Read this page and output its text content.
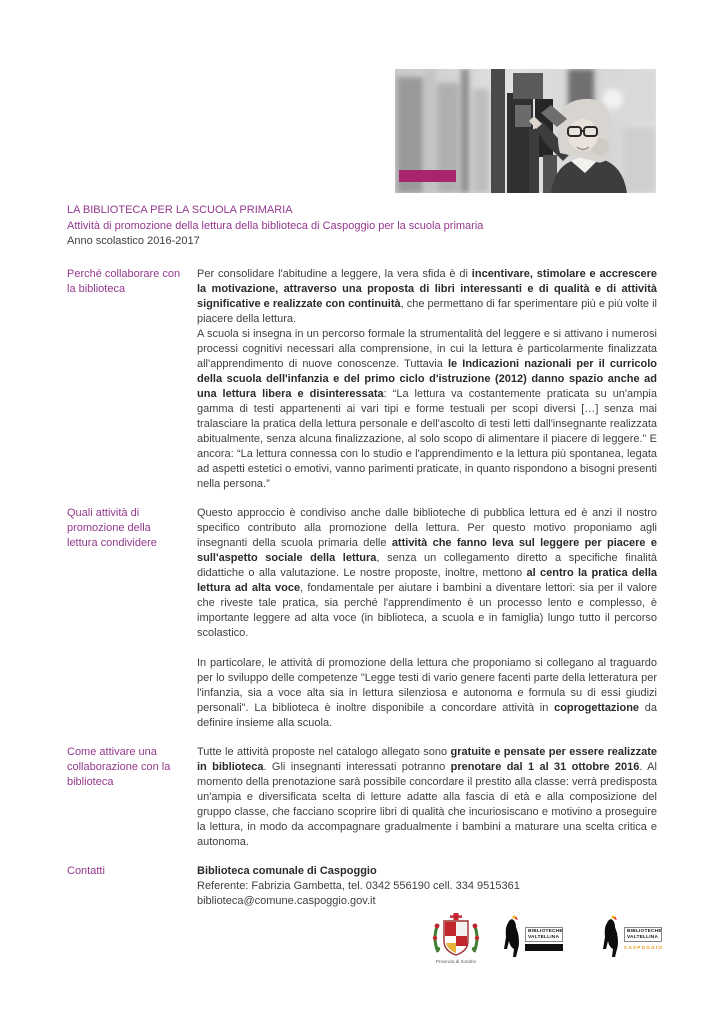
LA BIBLIOTECA PER LA SCUOLA PRIMARIA
Attività di promozione della lettura della biblioteca di Caspoggio per la scuola primaria
Anno scolastico 2016-2017
Perché collaborare con la biblioteca

Per consolidare l'abitudine a leggere, la vera sfida è di incentivare, stimolare e accrescere la motivazione, attraverso una proposta di libri interessanti e di qualità e di attività significative e realizzate con continuità, che permettano di far sperimentare più e più volte il piacere della lettura.

A scuola si insegna in un percorso formale la strumentalità del leggere e si attivano i numerosi processi cognitivi necessari alla comprensione, in cui la lettura è particolarmente finalizzata all'apprendimento di nuove conoscenze. Tuttavia le Indicazioni nazionali per il curricolo della scuola dell'infanzia e del primo ciclo d'istruzione (2012) danno spazio anche ad una lettura libera e disinteressata: “La lettura va costantemente praticata su un'ampia gamma di testi appartenenti ai vari tipi e forme testuali per scopi diversi […] senza mai tralasciare la pratica della lettura personale e dell'ascolto di testi letti dall'insegnante realizzata abitualmente, senza alcuna finalizzazione, al solo scopo di alimentare il piacere di leggere.” E ancora: “La lettura connessa con lo studio e l'apprendimento e la lettura più spontanea, legata ad aspetti estetici o emotivi, vanno parimenti praticate, in quanto rispondono a bisogni presenti nella persona.”

Quali attività di promozione della lettura condividere

Questo approccio è condiviso anche dalle biblioteche di pubblica lettura ed è anzi il nostro specifico contributo alla promozione della lettura. Per questo motivo proponiamo agli insegnanti della scuola primaria delle attività che fanno leva sul leggere per piacere e sull'aspetto sociale della lettura, senza un collegamento diretto a specifiche finalità didattiche o alla valutazione. Le nostre proposte, inoltre, mettono al centro la pratica della lettura ad alta voce, fondamentale per aiutare i bambini a diventare lettori: sia per il valore che riveste tale pratica, sia perché l'apprendimento è un processo lento e complesso, è importante leggere ad alta voce (in biblioteca, a scuola e in famiglia) lungo tutto il percorso scolastico.

In particolare, le attività di promozione della lettura che proponiamo si collegano al traguardo per lo sviluppo delle competenze "Legge testi di vario genere facenti parte della letteratura per l'infanzia, sia a voce alta sia in lettura silenziosa e autonoma e formula su di essi giudizi personali". La biblioteca è inoltre disponibile a concordare attività in coprogettazione da definire insieme alla scuola.

Come attivare una collaborazione con la biblioteca

Tutte le attività proposte nel catalogo allegato sono gratuite e pensate per essere realizzate in biblioteca. Gli insegnanti interessati potranno prenotare dal 1 al 31 ottobre 2016. Al momento della prenotazione sarà possibile concordare il prestito alla classe: verrà predisposta un'ampia e diversificata scelta di letture adatte alla fascia di età e alla composizione del gruppo classe, che facciano scoprire libri di qualità che incuriosiscano e motivino a proseguire la lettura, in modo da accompagnare gradualmente i bambini a maturare una scelta critica e autonoma.

Contatti	Biblioteca comunale di Caspoggio

Referente: Fabrizia Gambetta, tel. 0342 556190 cell. 334 9515361

biblioteca@comune.caspoggio.gov.it

Provincia di Sondrio
BIBLIOTECHE VALTELLINA
BIBLIOTECHE VALTELLINA
CASPOGGIO
